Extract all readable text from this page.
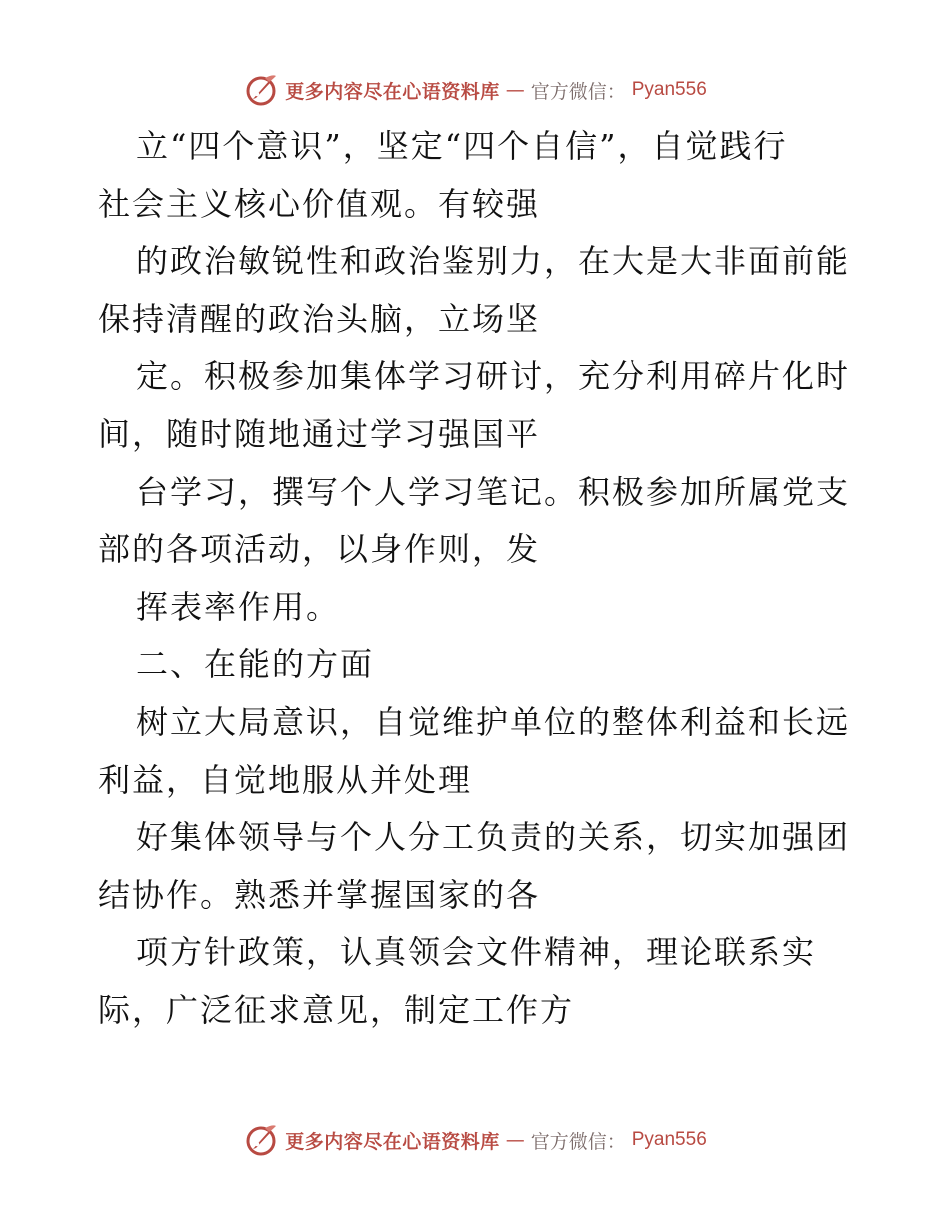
更多内容尽在心语资料库 — 官方微信： Pyan556
立“四个意识”，坚定“四个自信”，自觉践行
社会主义核心价值观。有较强
的政治敏锐性和政治鉴别力，在大是大非面前能
保持清醒的政治头脑，立场坚
定。积极参加集体学习研讨，充分利用碎片化时
间，随时随地通过学习强国平
台学习，撰写个人学习笔记。积极参加所属党支
部的各项活动，以身作则，发
挥表率作用。
二、在能的方面
树立大局意识，自觉维护单位的整体利益和长远
利益，自觉地服从并处理
好集体领导与个人分工负责的关系，切实加强团
结协作。熟悉并掌握国家的各
项方针政策，认真领会文件精神，理论联系实
际，广泛征求意见，制定工作方
更多内容尽在心语资料库 — 官方微信： Pyan556
